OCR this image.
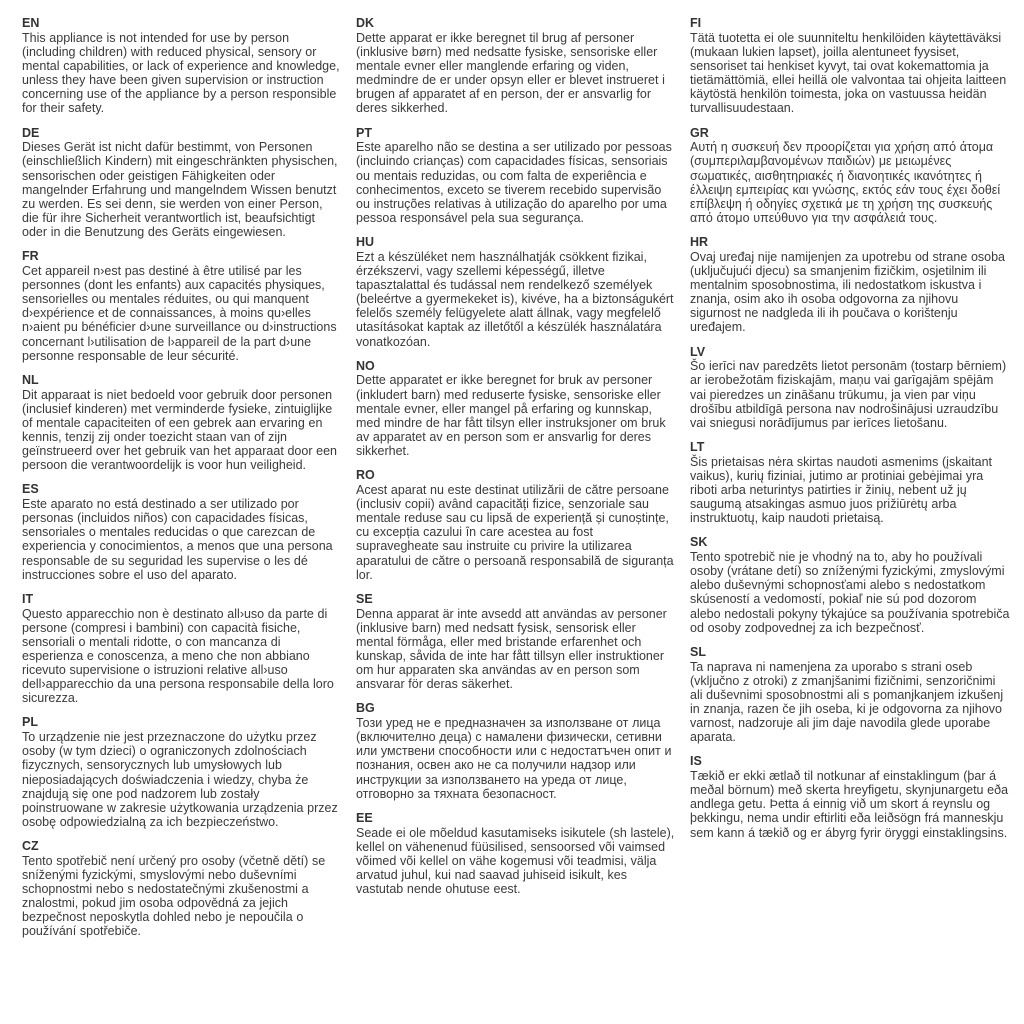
EN
This appliance is not intended for use by person (including children) with reduced physical, sensory or mental capabilities, or lack of experience and knowledge, unless they have been given supervision or instruction concerning use of the appliance by a person responsible for their safety.
DE
Dieses Gerät ist nicht dafür bestimmt, von Personen (einschließlich Kindern) mit eingeschränkten physischen, sensorischen oder geistigen Fähigkeiten oder mangelnder Erfahrung und mangelndem Wissen benutzt zu werden. Es sei denn, sie werden von einer Person, die für ihre Sicherheit verantwortlich ist, beaufsichtigt oder in die Benutzung des Geräts eingewiesen.
FR
Cet appareil n›est pas destiné à être utilisé par les personnes (dont les enfants) aux capacités physiques, sensorielles ou mentales réduites, ou qui manquent d›expérience et de connaissances, à moins qu›elles n›aient pu bénéficier d›une surveillance ou d›instructions concernant l›utilisation de l›appareil de la part d›une personne responsable de leur sécurité.
NL
Dit apparaat is niet bedoeld voor gebruik door personen (inclusief kinderen) met verminderde fysieke, zintuiglijke of mentale capaciteiten of een gebrek aan ervaring en kennis, tenzij zij onder toezicht staan van of zijn geïnstrueerd over het gebruik van het apparaat door een persoon die verantwoordelijk is voor hun veiligheid.
ES
Este aparato no está destinado a ser utilizado por personas (incluidos niños) con capacidades físicas, sensoriales o mentales reducidas o que carezcan de experiencia y conocimientos, a menos que una persona responsable de su seguridad les supervise o les dé instrucciones sobre el uso del aparato.
IT
Questo apparecchio non è destinato all›uso da parte di persone (compresi i bambini) con capacità fisiche, sensoriali o mentali ridotte, o con mancanza di esperienza e conoscenza, a meno che non abbiano ricevuto supervisione o istruzioni relative all›uso dell›apparecchio da una persona responsabile della loro sicurezza.
PL
To urządzenie nie jest przeznaczone do użytku przez osoby (w tym dzieci) o ograniczonych zdolnościach fizycznych, sensorycznych lub umysłowych lub nieposiadających doświadczenia i wiedzy, chyba że znajdują się one pod nadzorem lub zostały poinstruowane w zakresie użytkowania urządzenia przez osobę odpowiedzialną za ich bezpieczeństwo.
CZ
Tento spotřebič není určený pro osoby (včetně dětí) se sníženými fyzickými, smyslovými nebo duševními schopnostmi nebo s nedostatečnými zkušenostmi a znalostmi, pokud jim osoba odpovědná za jejich bezpečnost neposkytla dohled nebo je nepoučila o používání spotřebiče.
DK
Dette apparat er ikke beregnet til brug af personer (inklusive børn) med nedsatte fysiske, sensoriske eller mentale evner eller manglende erfaring og viden, medmindre de er under opsyn eller er blevet instrueret i brugen af apparatet af en person, der er ansvarlig for deres sikkerhed.
PT
Este aparelho não se destina a ser utilizado por pessoas (incluindo crianças) com capacidades físicas, sensoriais ou mentais reduzidas, ou com falta de experiência e conhecimentos, exceto se tiverem recebido supervisão ou instruções relativas à utilização do aparelho por uma pessoa responsável pela sua segurança.
HU
Ezt a készüléket nem használhatják csökkent fizikai, érzékszervi, vagy szellemi képességű, illetve tapasztalattal és tudással nem rendelkező személyek (beleértve a gyermekeket is), kivéve, ha a biztonságukért felelős személy felügyelete alatt állnak, vagy megfelelő utasításokat kaptak az illetőtől a készülék használatára vonatkozóan.
NO
Dette apparatet er ikke beregnet for bruk av personer (inkludert barn) med reduserte fysiske, sensoriske eller mentale evner, eller mangel på erfaring og kunnskap, med mindre de har fått tilsyn eller instruksjoner om bruk av apparatet av en person som er ansvarlig for deres sikkerhet.
RO
Acest aparat nu este destinat utilizării de către persoane (inclusiv copii) având capacități fizice, senzoriale sau mentale reduse sau cu lipsă de experiență și cunoștințe, cu excepția cazului în care acestea au fost supravegheate sau instruite cu privire la utilizarea aparatului de către o persoană responsabilă de siguranța lor.
SE
Denna apparat är inte avsedd att användas av personer (inklusive barn) med nedsatt fysisk, sensorisk eller mental förmåga, eller med bristande erfarenhet och kunskap, såvida de inte har fått tillsyn eller instruktioner om hur apparaten ska användas av en person som ansvarar för deras säkerhet.
BG
Този уред не е предназначен за използване от лица (включително деца) с намалени физически, сетивни или умствени способности или с недостатъчен опит и познания, освен ако не са получили надзор или инструкции за използването на уреда от лице, отговорно за тяхната безопасност.
EE
Seade ei ole mõeldud kasutamiseks isikutele (sh lastele), kellel on vähenenud füüsilised, sensoorsed või vaimsed võimed või kellel on vähe kogemusi või teadmisi, välja arvatud juhul, kui nad saavad juhiseid isikult, kes vastutab nende ohutuse eest.
FI
Tätä tuotetta ei ole suunniteltu henkilöiden käytettäväksi (mukaan lukien lapset), joilla alentuneet fyysiset, sensoriset tai henkiset kyvyt, tai ovat kokemattomia ja tietämättömiä, ellei heillä ole valvontaa tai ohjeita laitteen käytöstä henkilön toimesta, joka on vastuussa heidän turvallisuudestaan.
GR
Αυτή η συσκευή δεν προορίζεται για χρήση από άτομα (συμπεριλαμβανομένων παιδιών) με μειωμένες σωματικές, αισθητηριακές ή διανοητικές ικανότητες ή έλλειψη εμπειρίας και γνώσης, εκτός εάν τους έχει δοθεί επίβλεψη ή οδηγίες σχετικά με τη χρήση της συσκευής από άτομο υπεύθυνο για την ασφάλειά τους.
HR
Ovaj uređaj nije namijenjen za upotrebu od strane osoba (uključujući djecu) sa smanjenim fizičkim, osjetilnim ili mentalnim sposobnostima, ili nedostatkom iskustva i znanja, osim ako ih osoba odgovorna za njihovu sigurnost ne nadgleda ili ih poučava o korištenju uređajem.
LV
Šo ierīci nav paredzēts lietot personām (tostarp bērniem) ar ierobežotām fiziskajām, maņu vai garīgajām spējām vai pieredzes un zināšanu trūkumu, ja vien par viņu drošību atbildīgā persona nav nodrošinājusi uzraudzību vai sniegusi norādījumus par ierīces lietošanu.
LT
Šis prietaisas nėra skirtas naudoti asmenims (įskaitant vaikus), kurių fiziniai, jutimo ar protiniai gebėjimai yra riboti arba neturintys patirties ir žinių, nebent už jų saugumą atsakingas asmuo juos prižiūrėtų arba instruktuotų, kaip naudoti prietaisą.
SK
Tento spotrebič nie je vhodný na to, aby ho používali osoby (vrátane detí) so zníženými fyzickými, zmyslovými alebo duševnými schopnosťami alebo s nedostatkom skúseností a vedomostí, pokiaľ nie sú pod dozorom alebo nedostali pokyny týkajúce sa používania spotrebiča od osoby zodpovednej za ich bezpečnosť.
SL
Ta naprava ni namenjena za uporabo s strani oseb (vključno z otroki) z zmanjšanimi fizičnimi, senzoričnimi ali duševnimi sposobnostmi ali s pomanjkanjem izkušenj in znanja, razen če jih oseba, ki je odgovorna za njihovo varnost, nadzoruje ali jim daje navodila glede uporabe aparata.
IS
Tækið er ekki ætlað til notkunar af einstaklingum (þar á meðal börnum) með skerta hreyfigetu, skynjunargetu eða andlega getu. Þetta á einnig við um skort á reynslu og þekkingu, nema undir eftirliti eða leiðsögn frá manneskju sem kann á tækið og er ábyrg fyrir öryggi einstaklingsins.
